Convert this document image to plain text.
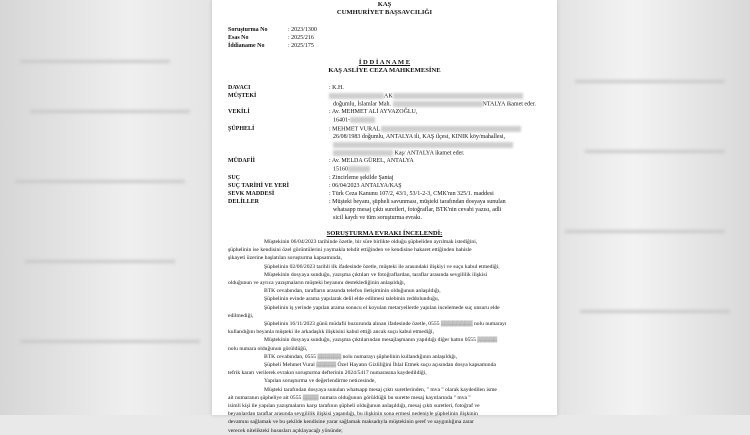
KAŞ
CUMHURİYET BAŞSAVCILIĞI
Soruşturma No	: 2023/1300
Esas No	: 2025/216
İddianame No	: 2025/175
İ D D İ A N A M E
KAŞ ASLİYE CEZA MAHKEMESİNE
DAVACI	: K.H.
MÜŞTEKİ	AK
doğumlu, İslamlar Mah.	NTALYA ikamet eder.
VEKİLİ	: Av. MEHMET ALİ AYVAZOĞLU,
16401-
ŞÜPHELİ	: MEHMET VURAL
26/08/1983 doğumlu, ANTALYA ili, KAŞ ilçesi, KINIK köy/mahallesi,
Kaş/ ANTALYA ikamet eder.
MÜDAFİİ	: Av. MELDA GÜREL, ANTALYA
15160
SUÇ	: Zincirleme şekilde Şantaj
SUÇ TARİHİ VE YERİ	: 06/04/2023 ANTALYA/KAŞ
SEVK MADDESİ	: Türk Ceza Kanunu 107/2, 43/1, 53/1-2-3, CMK'nın 325/1. maddesi
DELİLLER	: Müşteki beyanı, şüpheli savunması, müşteki tarafından dosyaya sunulan
whatsapp mesaj çıktı suretleri, fotoğraflar, BTK'nin cevabi yazısı, adli
sicil kaydı ve tüm soruşturma evrakı.
SORUŞTURMA EVRAKI İNCELENDİ:
Müştekinin 06/04/2023 tarihinde özetle, bir süre birlikte olduğu şüpheliden ayrılmak istediğini,
şüphelinin ise kendisini özel görüntülerini yaymakla tehdit ettiğinden ve kendisine hakaret ettiğinden bahisle
şikayeti üzerine başlatılan soruşturma kapsamında,
Şüphelinin 02/06/2023 tarihli ilk ifadesinde özetle, müşteki ile arasındaki ilişkiyi ve suçu kabul etmediği,
Müştekinin dosyaya sunduğu, yazışma çıktıları ve fotoğraflardan, taraflar arasında sevgililik ilişkisi
olduğunun ve ayrıca yazışmaların müşteki beyanını desteklediğinin anlaşıldığı,
BTK cevabından, tarafların arasında telefon iletişiminin olduğunun anlaşıldığı,
Şüphelinin evinde arama yapılarak delil elde edilmesi talebinin reddolunduğu,
Şüphelinin iş yerinde yapılan arama sonucu el koyulan metaryellerde yapılan incelemede suç unsuru elde
edilmediği,
Şüphelinin 16/11/2023 günü müdafii huzurunda alınan ifadesinde özetle, 0555 ▒▒▒▒▒▒▒▒ nolu numarayı
kullandığını beyanla müşteki ile arkadaşlık ilişkisini kabul ettiği ancak suçu kabul etmediği,
Müştekinin dosyaya sunduğu, yazışma çıktılarından mesajlaşmanın yapıldığı diğer hattın 0555 ▒▒▒▒▒
nolu numara olduğunun görüldüğü,
BTK cevabından, 0555 ▒▒▒▒▒▒ nolu numarayı şüphelinin kullandığının anlaşıldığı,
Şüpheli Mehmet Vural ▒▒▒▒▒ Özel Hayatın Gizliliğini İhlal Etmek suçu açısından dosya kapsamında
tefrik kararı verilerek evrakın soruşturma defterinin 2024/5417 numarasına kaydedildiği,
Yapılan soruşturma ve değerlendirme neticesinde,
Müşteki tarafından dosyaya sunulan whatsapp mesaj çıktı suretlerinden, " mva " olarak kaydedilen isme
ait numaranın şüpheliye ait 0555 ▒▒▒▒ numara olduğunun görüldüğü bu surette mesaj kayıtlarında " mva "
isimli kişi ile yapılan yazışmaların karşı tarafının şüpheli olduğunun anlaşıldığı, mesaj çıktı suretleri, fotoğraf ve
beyanlardan taraflar arasında sevgililik ilişkisi yaşandığı, bu ilişkinin sona ermesi nedeniyle şüphelinin ilişkinin
devamını sağlamak ve bu şekilde kendisine yarar sağlamak maksadıyla müştekinin şeref ve saygınlığına zarar
verecek nitelikteki hususları açıklayacağı yönünde;
